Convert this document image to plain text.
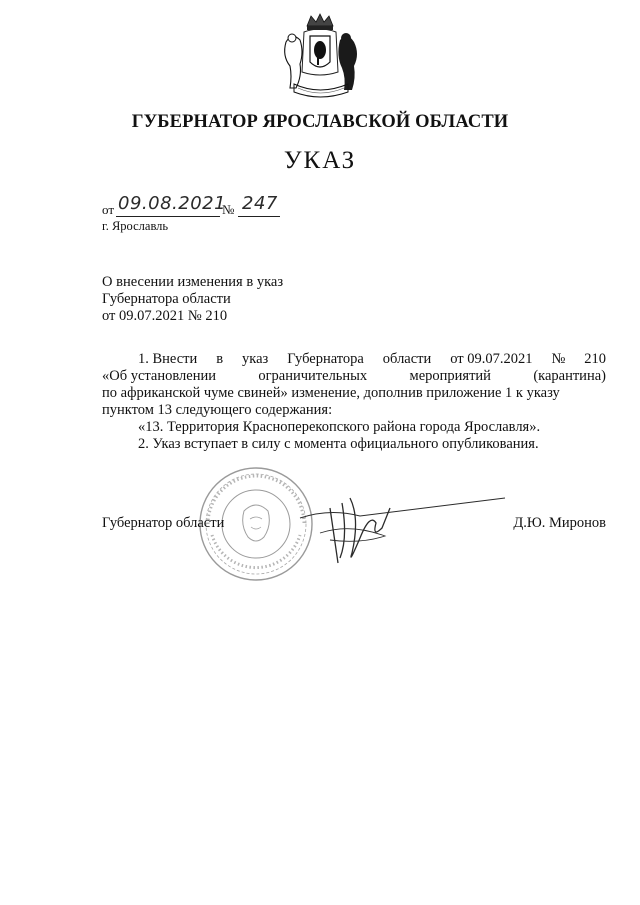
ГУБЕРНАТОР ЯРОСЛАВСКОЙ ОБЛАСТИ
УКАЗ
от 09.08.2021
№ 247
г. Ярославль
О внесении изменения в указ
Губернатора области
от 09.07.2021 № 210
1. Внести в указ Губернатора области от 09.07.2021 № 210
«Об установлении	ограничительных	мероприятий	(карантина)
по африканской чуме свиней» изменение, дополнив приложение 1 к указу
пунктом 13 следующего содержания:
«13. Территория Красноперекопского района города Ярославля».
2. Указ вступает в силу с момента официального опубликования.
Губернатор области	Д.Ю. Миронов
